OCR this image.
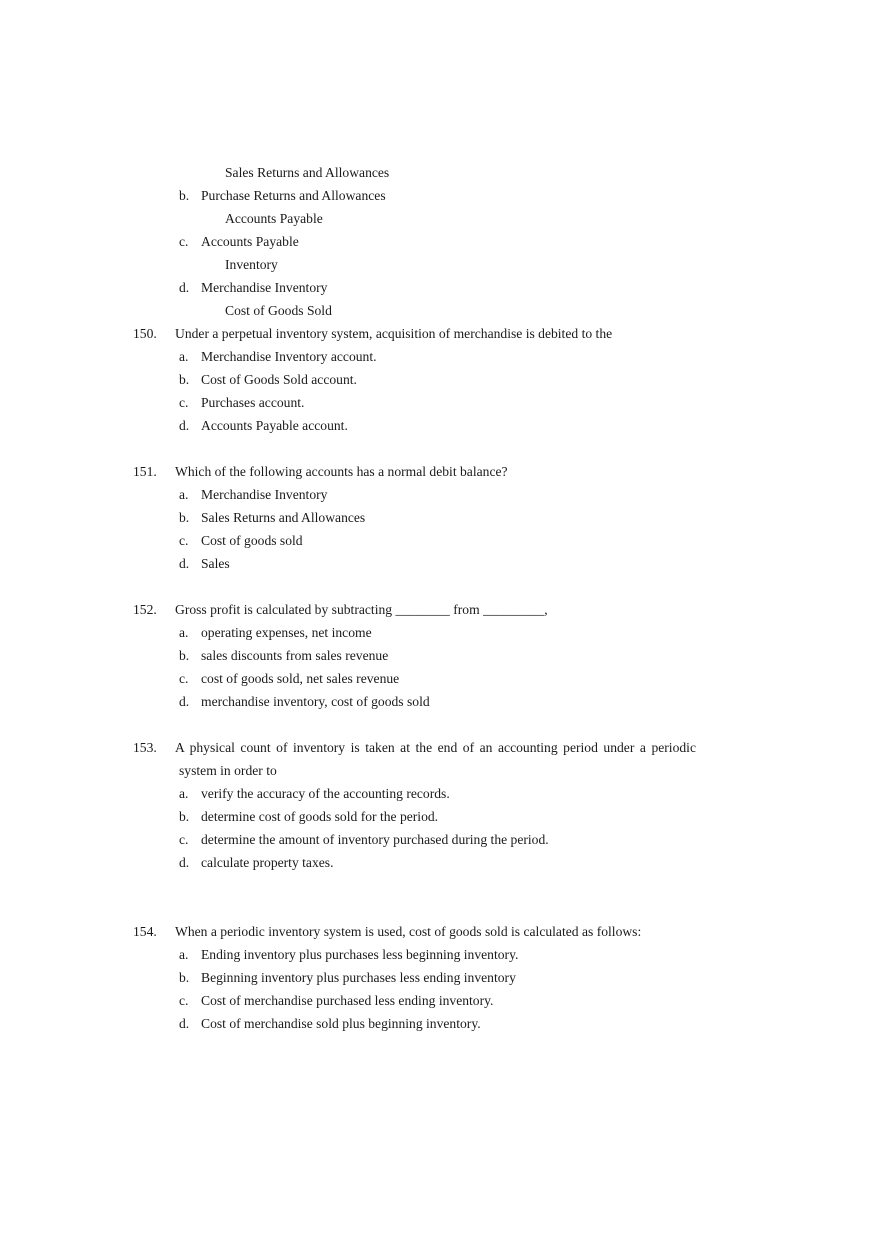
Sales Returns and Allowances
b. Purchase Returns and Allowances
Accounts Payable
c. Accounts Payable
Inventory
d. Merchandise Inventory
Cost of Goods Sold
150. Under a perpetual inventory system, acquisition of merchandise is debited to the
a. Merchandise Inventory account.
b. Cost of Goods Sold account.
c. Purchases account.
d. Accounts Payable account.
151. Which of the following accounts has a normal debit balance?
a. Merchandise Inventory
b. Sales Returns and Allowances
c. Cost of goods sold
d. Sales
152. Gross profit is calculated by subtracting ________ from _________,
a. operating expenses, net income
b. sales discounts from sales revenue
c. cost of goods sold, net sales revenue
d. merchandise inventory, cost of goods sold
153. A physical count of inventory is taken at the end of an accounting period under a periodic
system in order to
a. verify the accuracy of the accounting records.
b. determine cost of goods sold for the period.
c. determine the amount of inventory purchased during the period.
d. calculate property taxes.
154. When a periodic inventory system is used, cost of goods sold is calculated as follows:
a. Ending inventory plus purchases less beginning inventory.
b. Beginning inventory plus purchases less ending inventory
c. Cost of merchandise purchased less ending inventory.
d. Cost of merchandise sold plus beginning inventory.
